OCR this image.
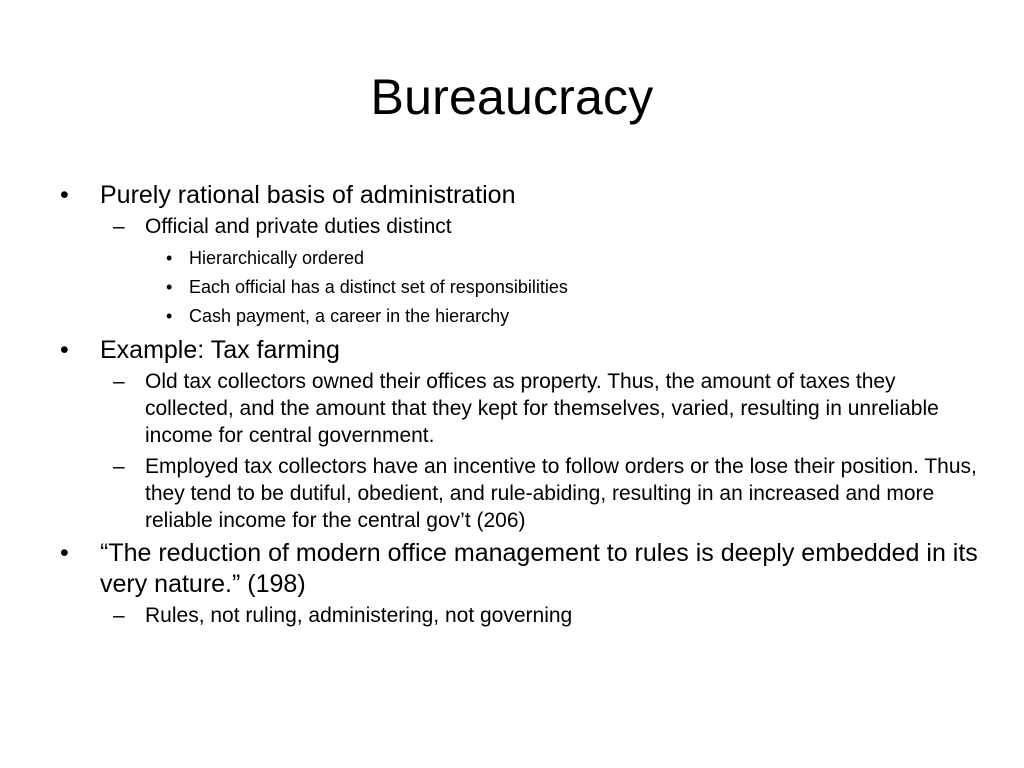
Bureaucracy
• Purely rational basis of administration
– Official and private duties distinct
• Hierarchically ordered
• Each official has a distinct set of responsibilities
• Cash payment, a career in the hierarchy
• Example: Tax farming
– Old tax collectors owned their offices as property. Thus, the amount of taxes they collected, and the amount that they kept for themselves, varied, resulting in unreliable income for central government.
– Employed tax collectors have an incentive to follow orders or the lose their position. Thus, they tend to be dutiful, obedient, and rule-abiding, resulting in an increased and more reliable income for the central gov’t (206)
• “The reduction of modern office management to rules is deeply embedded in its very nature.” (198)
– Rules, not ruling, administering, not governing
